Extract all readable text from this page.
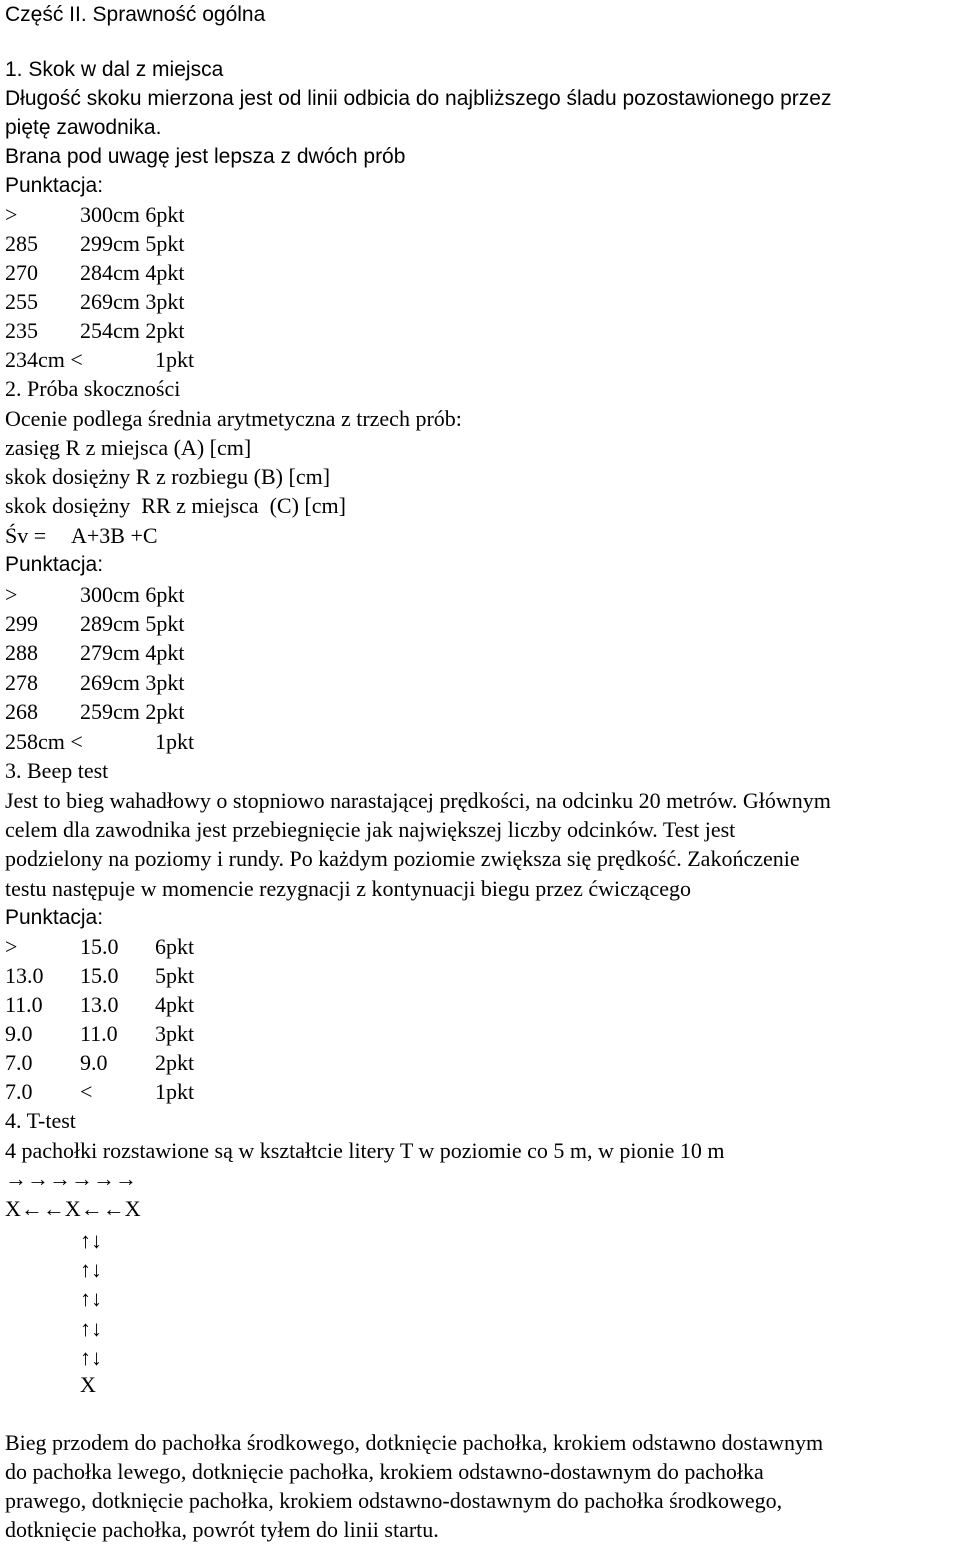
Część II. Sprawność ogólna
1. Skok w dal z miejsca
Długość skoku mierzona jest od linii odbicia do najbliższego śladu pozostawionego przez
piętę zawodnika.
Brana pod uwagę jest lepsza z dwóch prób
Punktacja:
>	300cm 6pkt
285 299cm 5pkt
270 284cm 4pkt
255 269cm 3pkt
235 254cm 2pkt
234cm <	1pkt
2. Próba skoczności
Ocenie podlega średnia arytmetyczna z trzech prób:
zasięg R z miejsca (A) [cm]
skok dosiężny R z rozbiegu (B) [cm]
skok dosiężny  RR z miejsca  (C) [cm]
Śv = A+3B +C
Punktacja:
>	300cm 6pkt
299 289cm 5pkt
288 279cm 4pkt
278 269cm 3pkt
268 259cm 2pkt
258cm <	1pkt
3. Beep test
Jest to bieg wahadłowy o stopniowo narastającej prędkości, na odcinku 20 metrów. Głównym
celem dla zawodnika jest przebiegnięcie jak największej liczby odcinków. Test jest
podzielony na poziomy i rundy. Po każdym poziomie zwiększa się prędkość. Zakończenie
testu następuje w momencie rezygnacji z kontynuacji biegu przez ćwiczącego
Punktacja:
>	15.0 6pkt
13.0 15.0 5pkt
11.0 13.0 4pkt
9.0 11.0 3pkt
7.0 9.0 2pkt
7.0 <	1pkt
4. T-test
4 pachołki rozstawione są w kształtcie litery T w poziomie co 5 m, w pionie 10 m
→→→→→→
X←←X←←X
↑↓
↑↓
↑↓
↑↓
↑↓
X
Bieg przodem do pachołka środkowego, dotknięcie pachołka, krokiem odstawno dostawnym
do pachołka lewego, dotknięcie pachołka, krokiem odstawno-dostawnym do pachołka
prawego, dotknięcie pachołka, krokiem odstawno-dostawnym do pachołka środkowego,
dotknięcie pachołka, powrót tyłem do linii startu.
